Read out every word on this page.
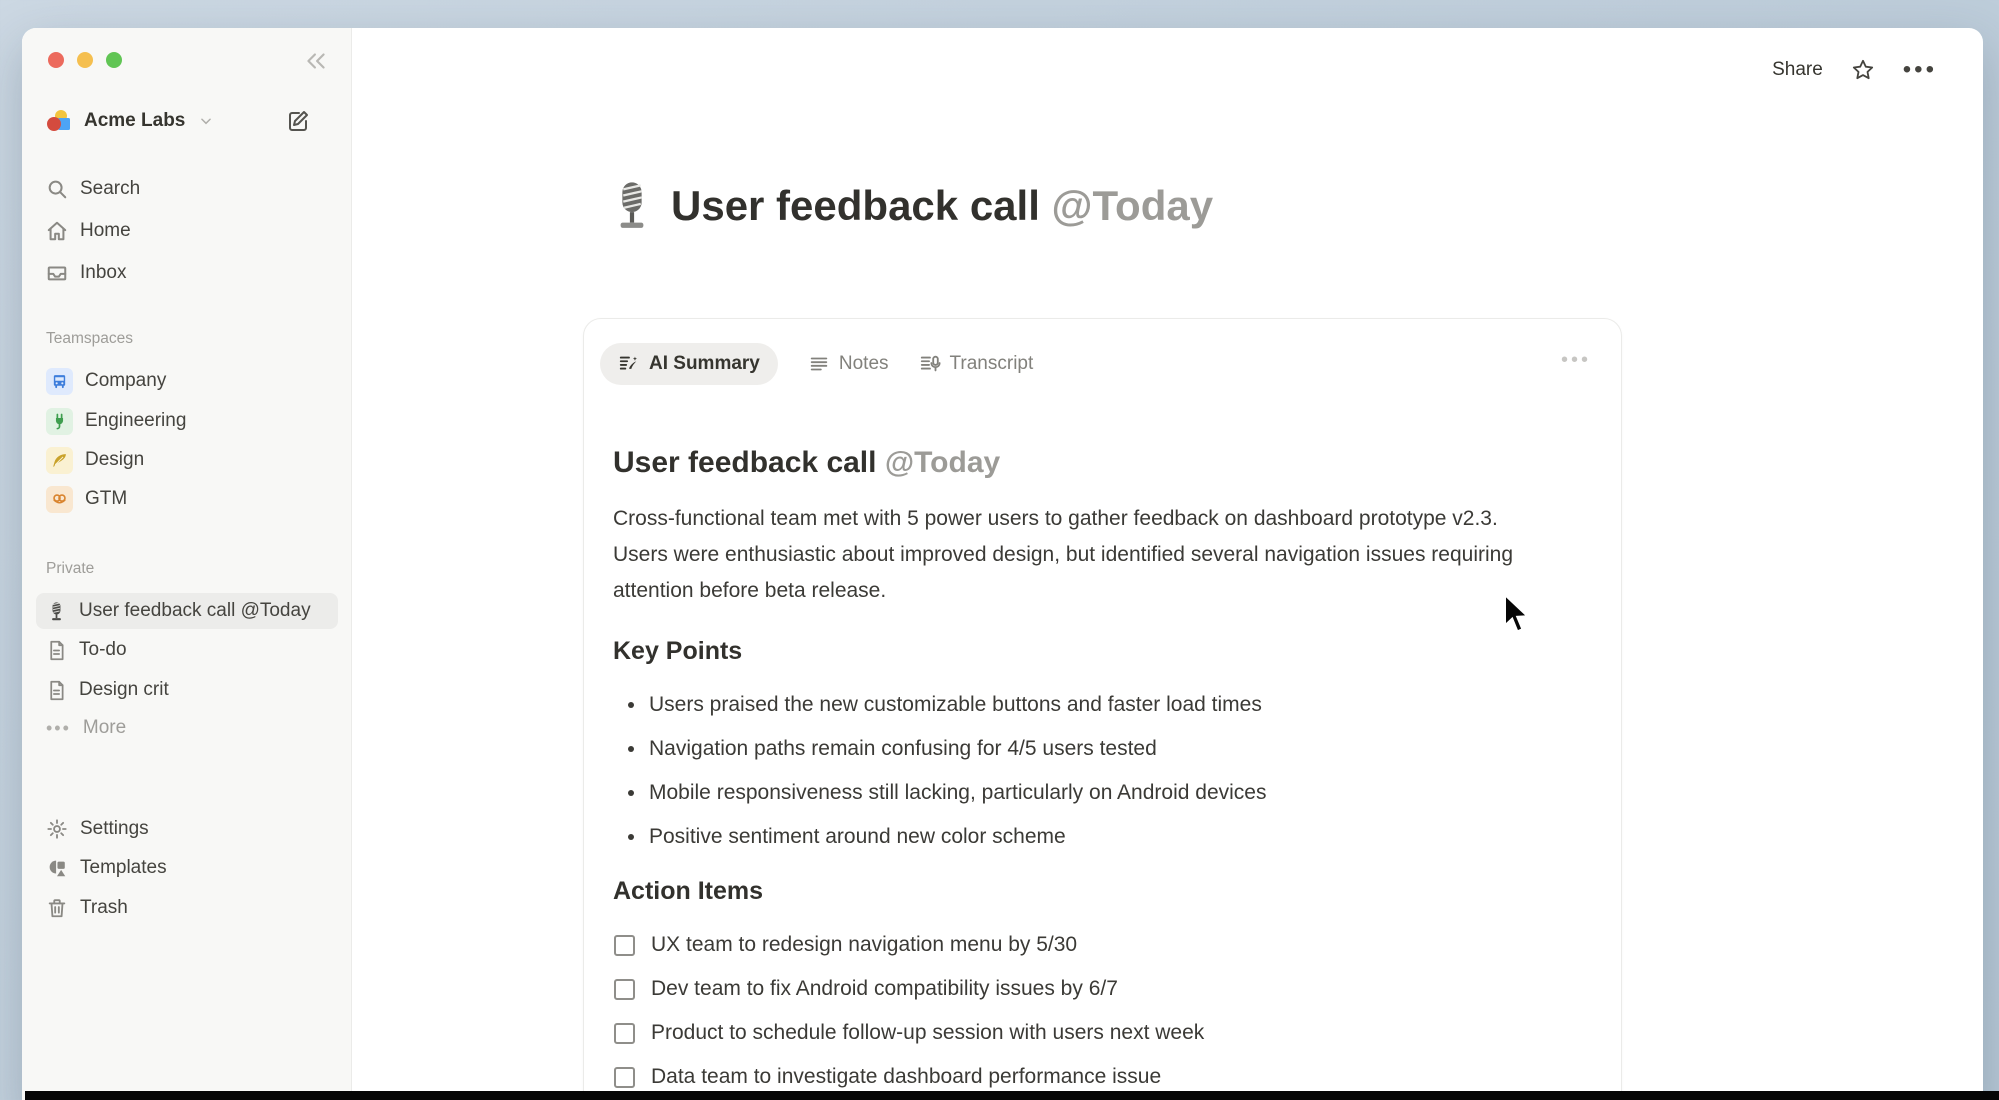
Acme Labs
Search
Home
Inbox
Teamspaces
Company
Engineering
Design
GTM
Private
User feedback call @Today
To-do
Design crit
••• More
Settings
Templates
Trash
Share	•••
User feedback call @Today
AI Summary	Notes	Transcript	•••
User feedback call @Today
Cross-functional team met with 5 power users to gather feedback on dashboard prototype v2.3. Users were enthusiastic about improved design, but identified several navigation issues requiring attention before beta release.
Key Points
Users praised the new customizable buttons and faster load times
Navigation paths remain confusing for 4/5 users tested
Mobile responsiveness still lacking, particularly on Android devices
Positive sentiment around new color scheme
Action Items
UX team to redesign navigation menu by 5/30
Dev team to fix Android compatibility issues by 6/7
Product to schedule follow-up session with users next week
Data team to investigate dashboard performance issue
